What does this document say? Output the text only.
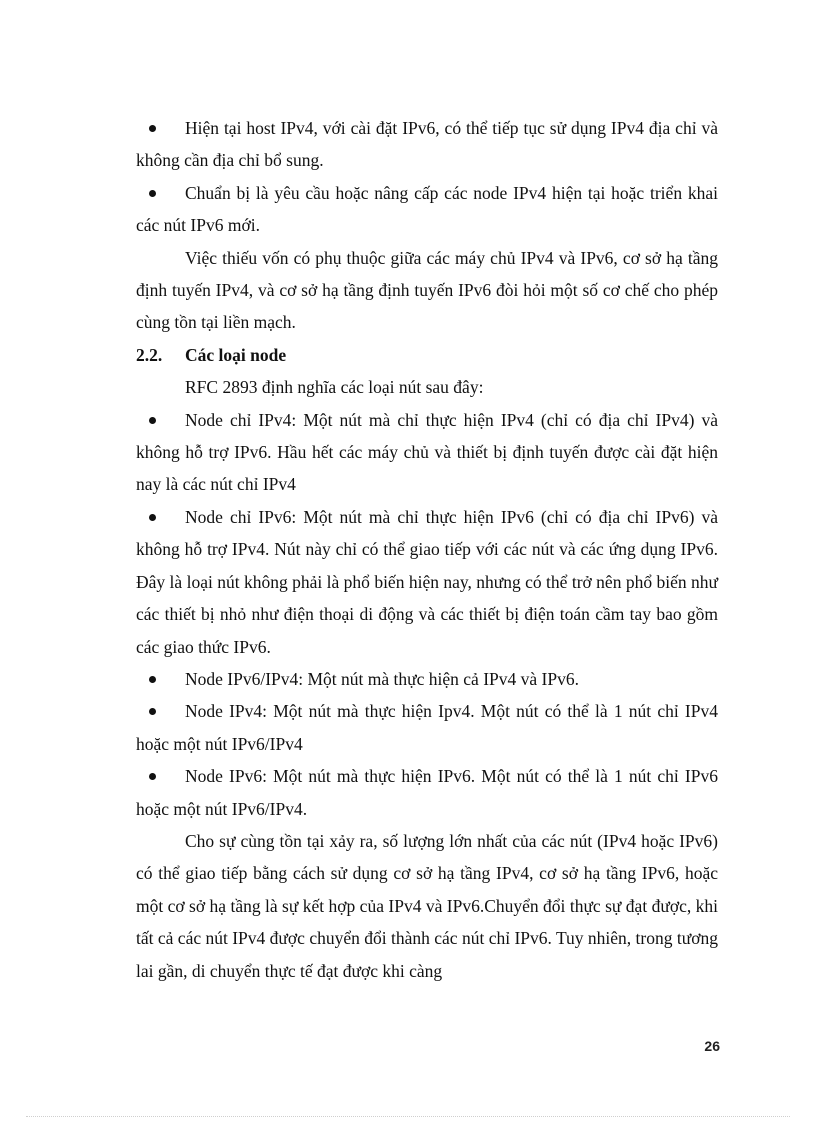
Hiện tại host IPv4, với cài đặt IPv6, có thể tiếp tục sử dụng IPv4 địa chỉ và không cần địa chỉ bổ sung.

Chuẩn bị là yêu cầu hoặc nâng cấp các node IPv4 hiện tại hoặc triển khai các nút IPv6 mới.

Việc thiếu vốn có phụ thuộc giữa các máy chủ IPv4 và IPv6, cơ sở hạ tầng định tuyến IPv4, và cơ sở hạ tầng định tuyến IPv6 đòi hỏi một số cơ chế cho phép cùng tồn tại liền mạch.

2.2.	Các loại node

RFC 2893 định nghĩa các loại nút sau đây:

Node chỉ IPv4: Một nút mà chỉ thực hiện IPv4 (chỉ có địa chỉ IPv4) và không hỗ trợ IPv6. Hầu hết các máy chủ và thiết bị định tuyến được cài đặt hiện nay là các nút chỉ IPv4

Node chỉ IPv6: Một nút mà chỉ thực hiện IPv6 (chỉ có địa chỉ IPv6) và không hỗ trợ IPv4. Nút này chỉ có thể giao tiếp với các nút và các ứng dụng IPv6. Đây là loại nút không phải là phổ biến hiện nay, nhưng có thể trở nên phổ biến như các thiết bị nhỏ như điện thoại di động và các thiết bị điện toán cầm tay bao gồm các giao thức IPv6.

Node IPv6/IPv4: Một nút mà thực hiện cả IPv4 và IPv6.

Node IPv4: Một nút mà thực hiện Ipv4. Một nút có thể là 1 nút chỉ IPv4 hoặc một nút IPv6/IPv4

Node IPv6: Một nút mà thực hiện IPv6. Một nút có thể là 1 nút chỉ IPv6 hoặc một nút IPv6/IPv4.

Cho sự cùng tồn tại xảy ra, số lượng lớn nhất của các nút (IPv4 hoặc IPv6) có thể giao tiếp bằng cách sử dụng cơ sở hạ tầng IPv4, cơ sở hạ tầng IPv6, hoặc một cơ sở hạ tầng là sự kết hợp của IPv4 và IPv6.Chuyển đổi thực sự đạt được, khi tất cả các nút IPv4 được chuyển đổi thành các nút chỉ IPv6. Tuy nhiên, trong tương lai gần, di chuyển thực tế đạt được khi càng

26
